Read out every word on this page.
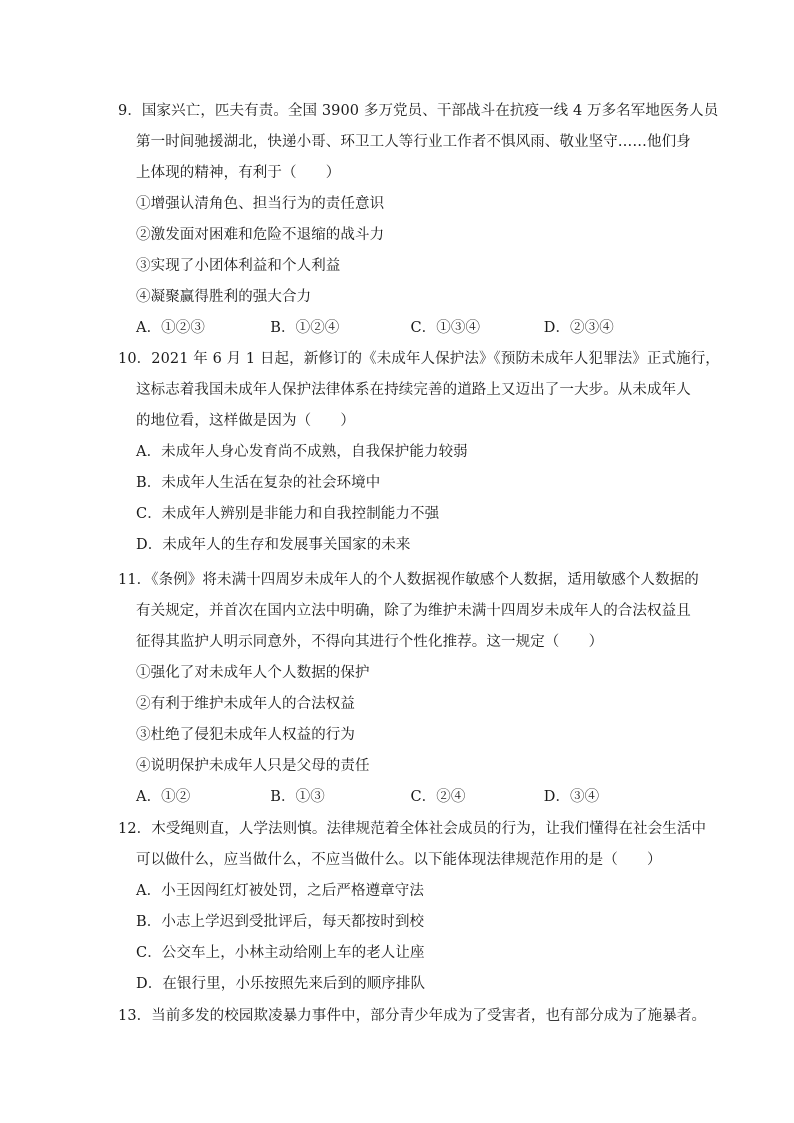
9．国家兴亡，匹夫有责。全国 3900 多万党员、干部战斗在抗疫一线 4 万多名军地医务人员
第一时间驰援湖北，快递小哥、环卫工人等行业工作者不惧风雨、敬业坚守……他们身
上体现的精神，有利于（　　）
①增强认清角色、担当行为的责任意识
②激发面对困难和危险不退缩的战斗力
③实现了小团体利益和个人利益
④凝聚赢得胜利的强大合力
A．①②③	B．①②④	C．①③④	D．②③④
10．2021 年 6 月 1 日起，新修订的《未成年人保护法》《预防未成年人犯罪法》正式施行，
这标志着我国未成年人保护法律体系在持续完善的道路上又迈出了一大步。从未成年人
的地位看，这样做是因为（　　）
A．未成年人身心发育尚不成熟，自我保护能力较弱
B．未成年人生活在复杂的社会环境中
C．未成年人辨别是非能力和自我控制能力不强
D．未成年人的生存和发展事关国家的未来
11．《条例》将未满十四周岁未成年人的个人数据视作敏感个人数据，适用敏感个人数据的
有关规定，并首次在国内立法中明确，除了为维护未满十四周岁未成年人的合法权益且
征得其监护人明示同意外，不得向其进行个性化推荐。这一规定（　　）
①强化了对未成年人个人数据的保护
②有利于维护未成年人的合法权益
③杜绝了侵犯未成年人权益的行为
④说明保护未成年人只是父母的责任
A．①②	B．①③	C．②④	D．③④
12．木受绳则直，人学法则慎。法律规范着全体社会成员的行为，让我们懂得在社会生活中
可以做什么，应当做什么，不应当做什么。以下能体现法律规范作用的是（　　）
A．小王因闯红灯被处罚，之后严格遵章守法
B．小志上学迟到受批评后，每天都按时到校
C．公交车上，小林主动给刚上车的老人让座
D．在银行里，小乐按照先来后到的顺序排队
13．当前多发的校园欺凌暴力事件中，部分青少年成为了受害者，也有部分成为了施暴者。
